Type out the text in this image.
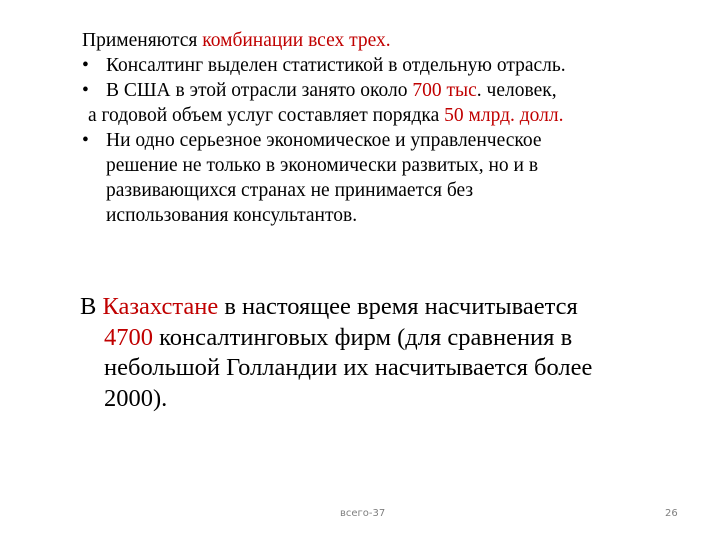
Применяются комбинации всех трех.
• Консалтинг выделен статистикой в отдельную отрасль.
• В США в этой отрасли занято около 700 тыс. человек,
а годовой объем услуг составляет порядка 50 млрд. долл.
• Ни одно серьезное экономическое и управленческое
решение не только в экономически развитых, но и в
развивающихся странах не принимается без
использования консультантов.
В Казахстане в настоящее время насчитывается
4700 консалтинговых фирм (для сравнения в
небольшой Голландии их насчитывается более
2000).
всего-37	26
